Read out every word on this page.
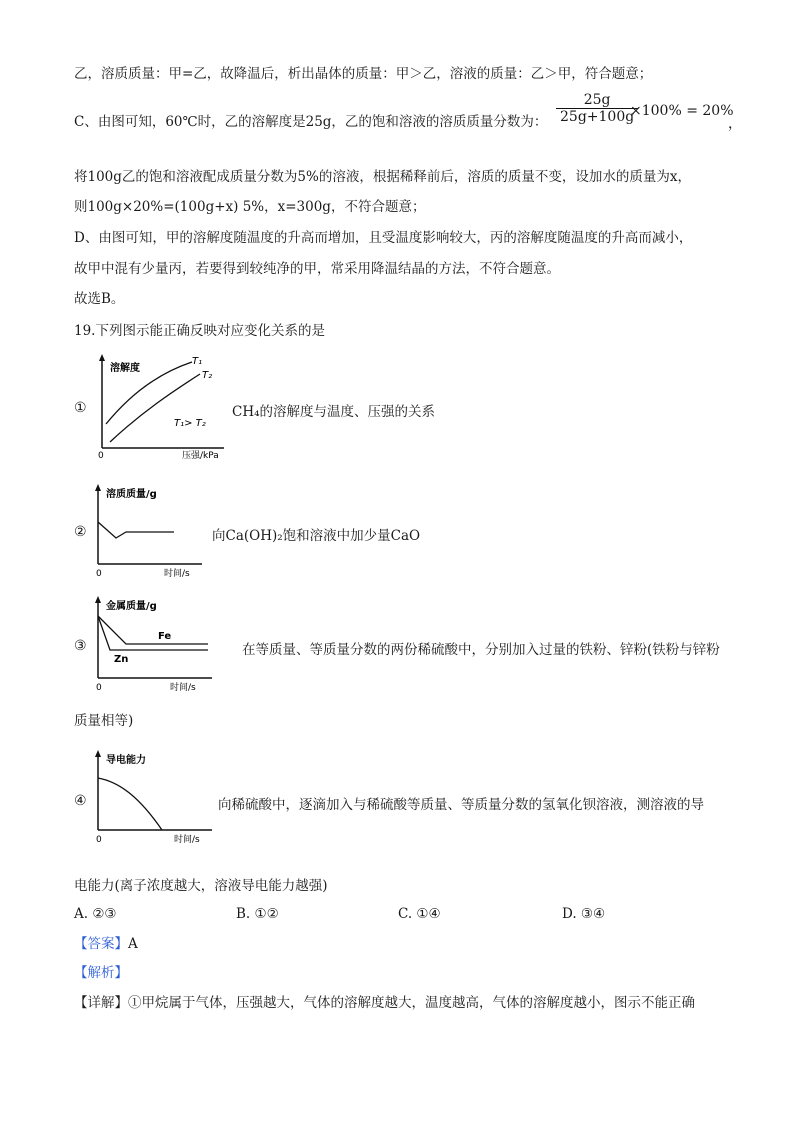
乙，溶质质量：甲=乙，故降温后，析出晶体的质量：甲＞乙，溶液的质量：乙＞甲，符合题意；
C、由图可知，60℃时，乙的溶解度是25g，乙的饱和溶液的溶质质量分数为： $\frac{25g}{25g+100g}$
×100% = 20%
，
将100g乙的饱和溶液配成质量分数为5%的溶液，根据稀释前后，溶质的质量不变，设加水的质量为x，
则100g×20%=(100g+x) 5%，x=300g，不符合题意；
D、由图可知，甲的溶解度随温度的升高而增加，且受温度影响较大，丙的溶解度随温度的升高而减小，
故甲中混有少量丙，若要得到较纯净的甲，常采用降温结晶的方法，不符合题意。
故选B。
19.下列图示能正确反映对应变化关系的是
①
溶解度
T₁
T₂
T₁> T₂
0	压强/kPa
CH₄的溶解度与温度、压强的关系
②
溶质质量/g
0	时间/s
向Ca(OH)₂饱和溶液中加少量CaO
③
金属质量/g
Fe
Zn
0	时间/s
在等质量、等质量分数的两份稀硫酸中，分别加入过量的铁粉、锌粉(铁粉与锌粉
质量相等)
④
导电能力
0	时间/s
向稀硫酸中，逐滴加入与稀硫酸等质量、等质量分数的氢氧化钡溶液，测溶液的导
电能力(离子浓度越大，溶液导电能力越强)
A. ②③	B. ①②	C. ①④	D. ③④
【答案】A
【解析】
【详解】①甲烷属于气体，压强越大，气体的溶解度越大，温度越高，气体的溶解度越小，图示不能正确
